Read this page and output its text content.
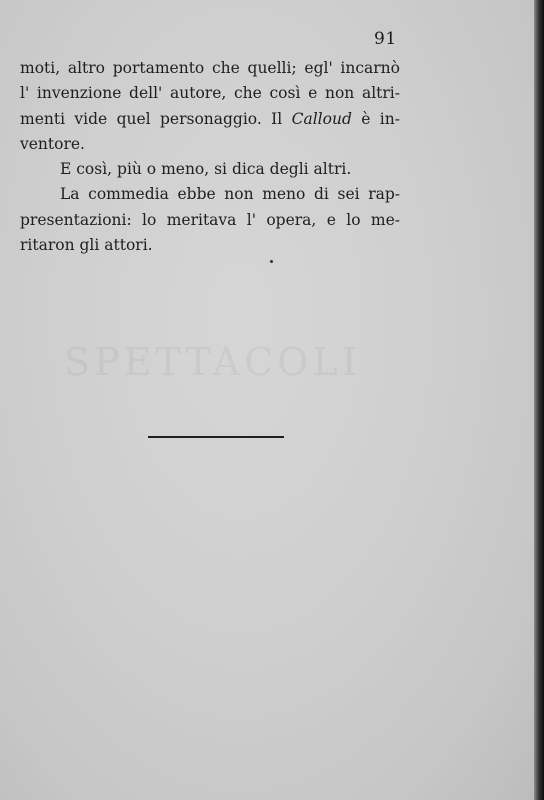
91
moti, altro portamento che quelli; egl' incarnò
l' invenzione dell' autore, che così e non altri-
menti vide quel personaggio. Il Calloud è in-
ventore.
E così, più o meno, si dica degli altri.
La commedia ebbe non meno di sei rap-
presentazioni: lo meritava l' opera, e lo me-
ritaron gli attori.
SPETTACOLI
